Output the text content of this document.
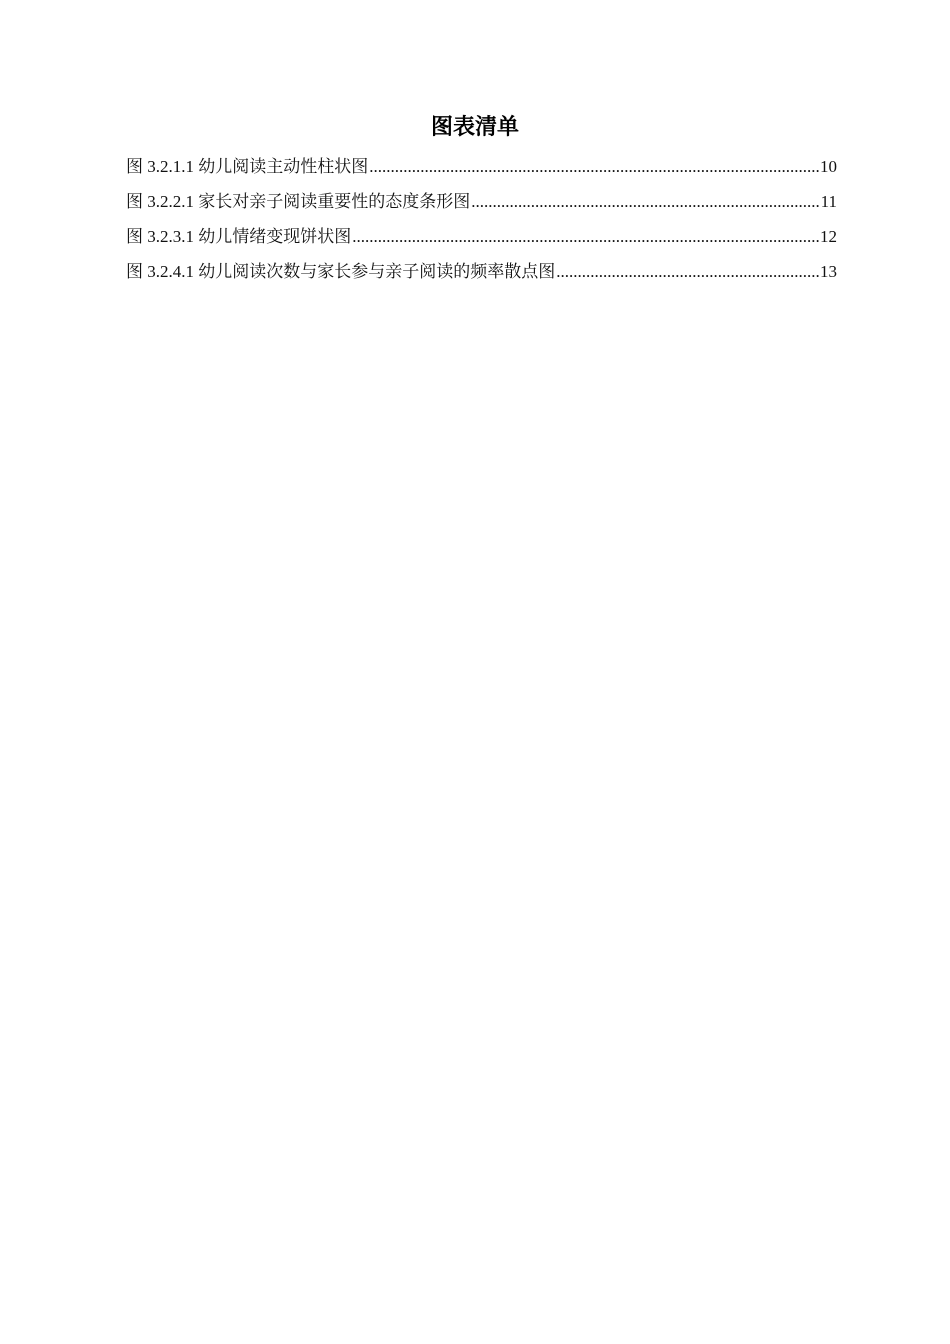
图表清单
图 3.2.1.1 幼儿阅读主动性柱状图 .....	10
图 3.2.2.1 家长对亲子阅读重要性的态度条形图 .....	11
图 3.2.3.1 幼儿情绪变现饼状图 .....	12
图 3.2.4.1 幼儿阅读次数与家长参与亲子阅读的频率散点图 .....	13
